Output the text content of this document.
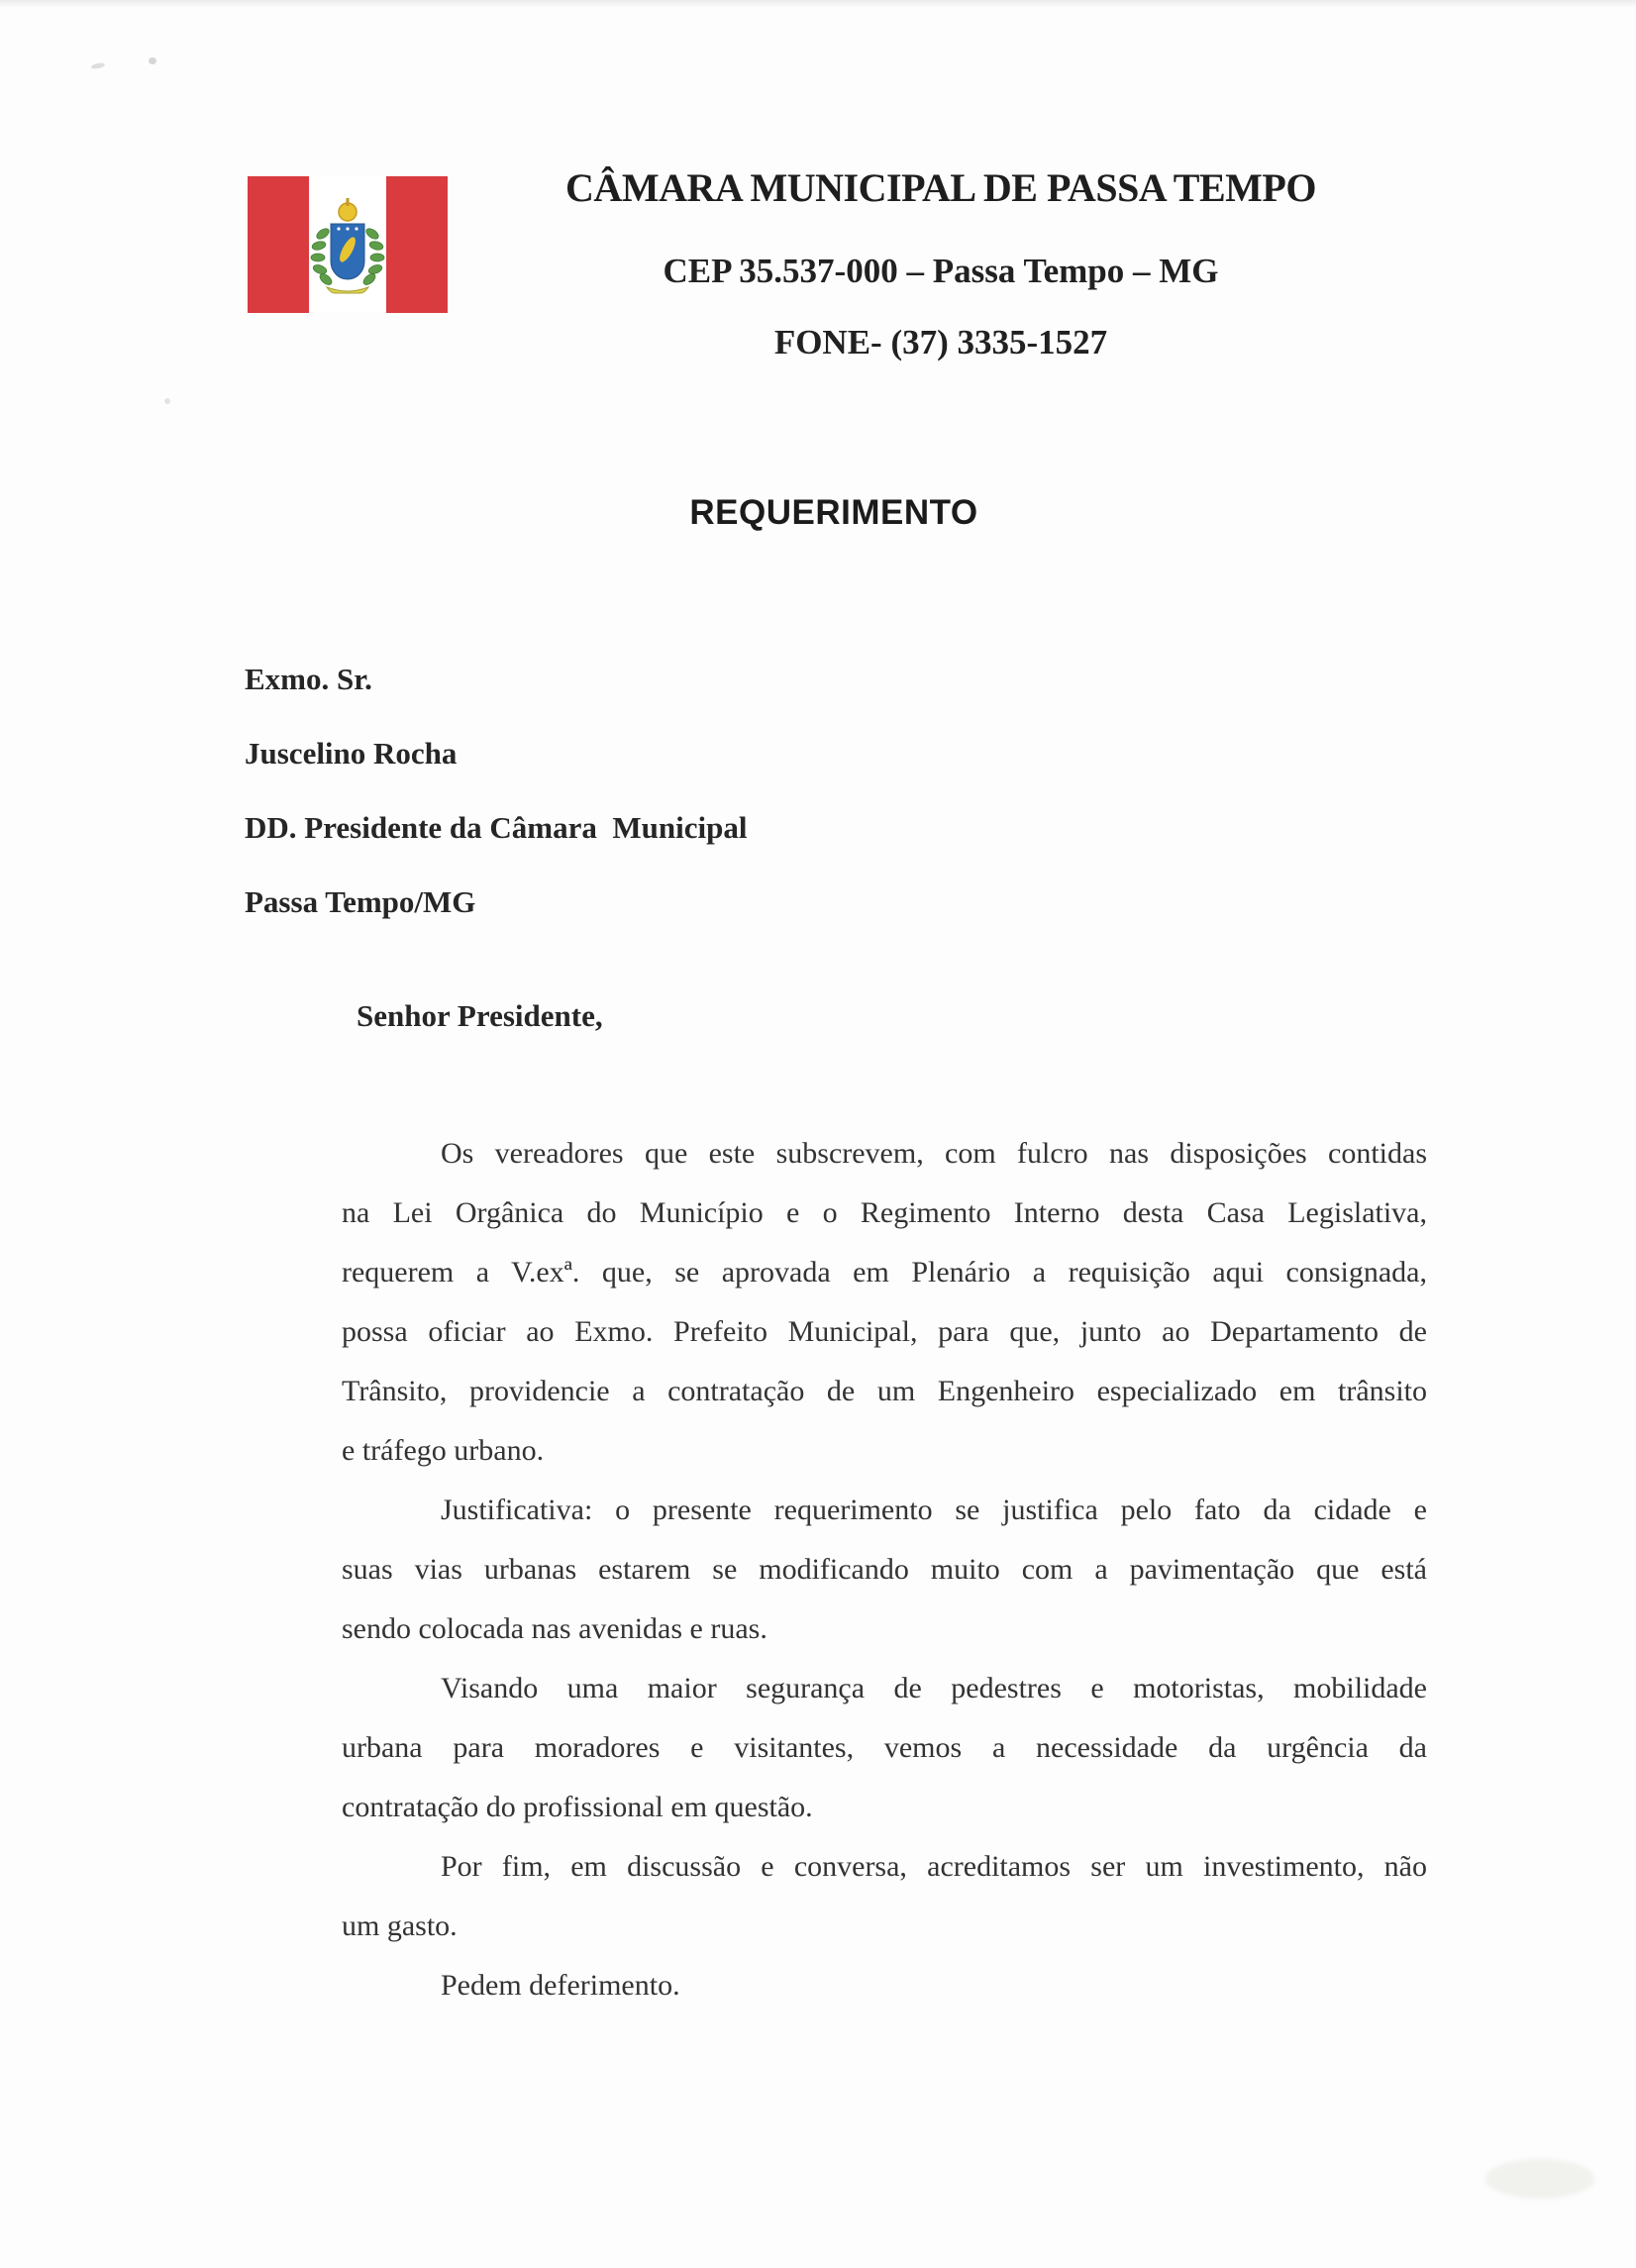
CÂMARA MUNICIPAL DE PASSA TEMPO
CEP 35.537-000 – Passa Tempo – MG
FONE- (37) 3335-1527
REQUERIMENTO
Exmo. Sr.
Juscelino Rocha
DD. Presidente da Câmara  Municipal
Passa Tempo/MG
Senhor Presidente,
Os vereadores que este subscrevem, com fulcro nas disposições contidas
na Lei Orgânica do Município e o Regimento Interno desta Casa Legislativa,
requerem a V.exª. que, se aprovada em Plenário a requisição aqui consignada,
possa oficiar ao Exmo. Prefeito Municipal, para que, junto ao Departamento de
Trânsito, providencie a contratação de um Engenheiro especializado em trânsito
e tráfego urbano.
Justificativa: o presente requerimento se justifica pelo fato da cidade e
suas vias urbanas estarem se modificando muito com a pavimentação que está
sendo colocada nas avenidas e ruas.
Visando uma maior segurança de pedestres e motoristas, mobilidade
urbana para moradores e visitantes, vemos a necessidade da urgência da
contratação do profissional em questão.
Por fim, em discussão e conversa, acreditamos ser um investimento, não
um gasto.
Pedem deferimento.
